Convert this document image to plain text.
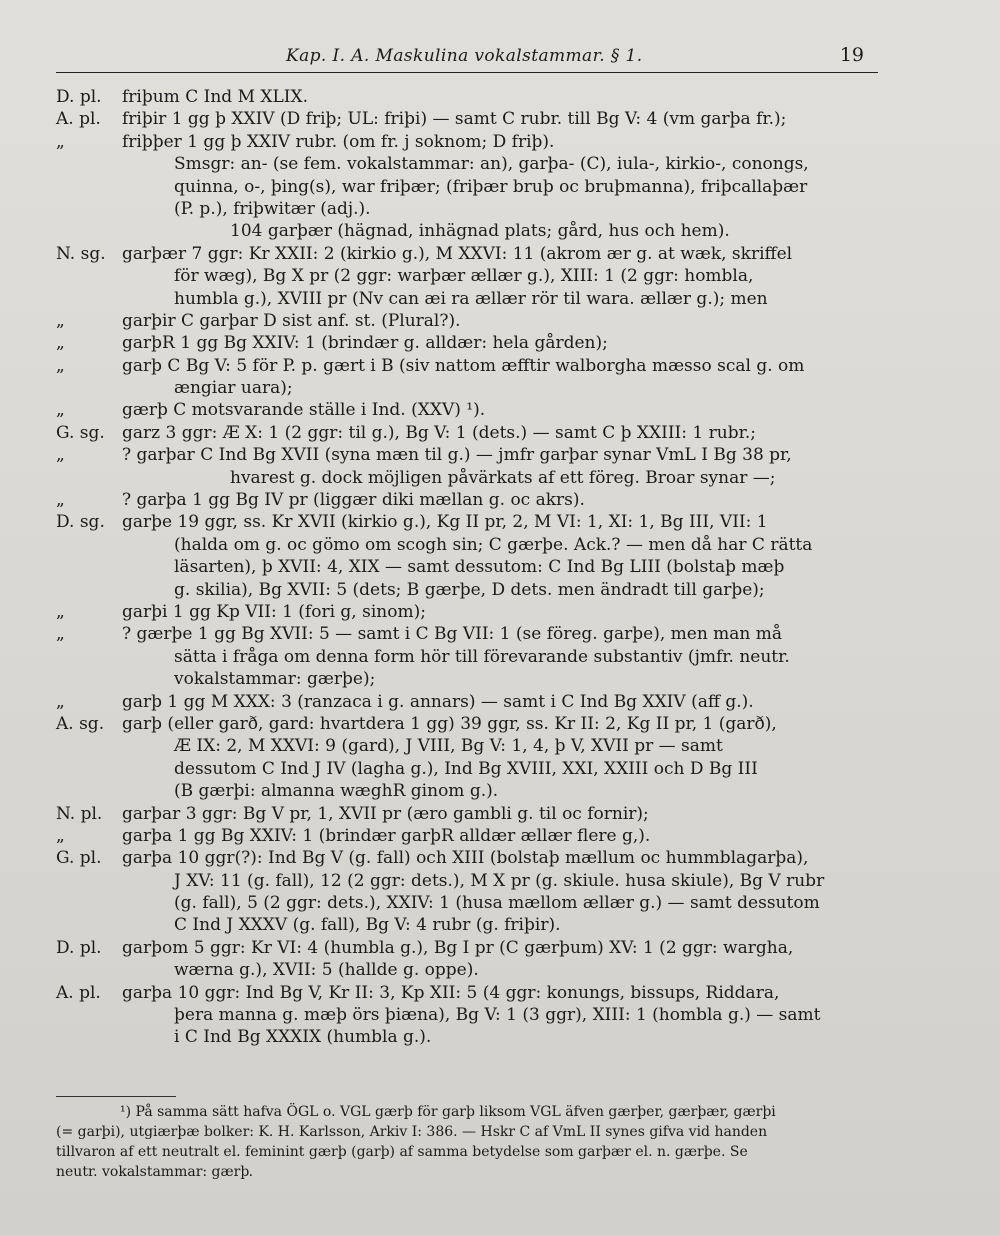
Kap. I. A. Maskulina vokalstammar. § 1.	19
D. pl. friþum C Ind M XLIX.
A. pl. friþir 1 gg þ XXIV (D friþ; UL: friþi) — samt C rubr. till Bg V: 4 (vm garþa fr.);
„	friþþer 1 gg þ XXIV rubr. (om fr. j soknom; D friþ).
Smsgr: an- (se fem. vokalstammar: an), garþa- (C), iula-, kirkio-, conongs,
quinna, o-, þing(s), war friþær; (friþær bruþ oc bruþmanna), friþcallaþær
(P. p.), friþwitær (adj.).
104 garþær (hägnad, inhägnad plats; gård, hus och hem).
N. sg. garþær 7 ggr: Kr XXII: 2 (kirkio g.), M XXVI: 11 (akrom ær g. at wæk, skriffel
för wæg), Bg X pr (2 ggr: warþær ællær g.), XIII: 1 (2 ggr: hombla,
humbla g.), XVIII pr (Nv can æi ra ællær rör til wara. ællær g.); men
„	garþir C garþar D sist anf. st. (Plural?).
„	garþR 1 gg Bg XXIV: 1 (brindær g. alldær: hela gården);
„	garþ C Bg V: 5 för P. p. gært i B (siv nattom æfftir walborgha mæsso scal g. om
ængiar uara);
„	gærþ C motsvarande ställe i Ind. (XXV) ¹).
G. sg. garz 3 ggr: Æ X: 1 (2 ggr: til g.), Bg V: 1 (dets.) — samt C þ XXIII: 1 rubr.;
„	? garþar C Ind Bg XVII (syna mæn til g.) — jmfr garþar synar VmL I Bg 38 pr,
hvarest g. dock möjligen påvärkats af ett föreg. Broar synar —;
„	? garþa 1 gg Bg IV pr (liggær diki mællan g. oc akrs).
D. sg. garþe 19 ggr, ss. Kr XVII (kirkio g.), Kg II pr, 2, M VI: 1, XI: 1, Bg III, VII: 1
(halda om g. oc gömo om scogh sin; C gærþe. Ack.? — men då har C rätta
läsarten), þ XVII: 4, XIX — samt dessutom: C Ind Bg LIII (bolstaþ mæþ
g. skilia), Bg XVII: 5 (dets; B gærþe, D dets. men ändradt till garþe);
„	garþi 1 gg Kp VII: 1 (fori g, sinom);
„	? gærþe 1 gg Bg XVII: 5 — samt i C Bg VII: 1 (se föreg. garþe), men man må
sätta i fråga om denna form hör till förevarande substantiv (jmfr. neutr.
vokalstammar: gærþe);
„	garþ 1 gg M XXX: 3 (ranzaca i g. annars) — samt i C Ind Bg XXIV (aff g.).
A. sg. garþ (eller garð, gard: hvartdera 1 gg) 39 ggr, ss. Kr II: 2, Kg II pr, 1 (garð),
Æ IX: 2, M XXVI: 9 (gard), J VIII, Bg V: 1, 4, þ V, XVII pr — samt
dessutom C Ind J IV (lagha g.), Ind Bg XVIII, XXI, XXIII och D Bg III
(B gærþi: almanna wæghR ginom g.).
N. pl. garþar 3 ggr: Bg V pr, 1, XVII pr (æro gambli g. til oc fornir);
„	garþa 1 gg Bg XXIV: 1 (brindær garþR alldær ællær flere g,).
G. pl. garþa 10 ggr(?): Ind Bg V (g. fall) och XIII (bolstaþ mællum oc hummblagarþa),
J XV: 11 (g. fall), 12 (2 ggr: dets.), M X pr (g. skiule. husa skiule), Bg V rubr
(g. fall), 5 (2 ggr: dets.), XXIV: 1 (husa mællom ællær g.) — samt dessutom
C Ind J XXXV (g. fall), Bg V: 4 rubr (g. friþir).
D. pl. garþom 5 ggr: Kr VI: 4 (humbla g.), Bg I pr (C gærþum) XV: 1 (2 ggr: wargha,
wærna g.), XVII: 5 (hallde g. oppe).
A. pl. garþa 10 ggr: Ind Bg V, Kr II: 3, Kp XII: 5 (4 ggr: konungs, bissups, Riddara,
þera manna g. mæþ örs þiæna), Bg V: 1 (3 ggr), XIII: 1 (hombla g.) — samt
i C Ind Bg XXXIX (humbla g.).
¹) På samma sätt hafva ÖGL o. VGL gærþ för garþ liksom VGL äfven gærþer, gærþær, gærþi
(= garþi), utgiærþæ bolker: K. H. Karlsson, Arkiv I: 386. — Hskr C af VmL II synes gifva vid handen
tillvaron af ett neutralt el. feminint gærþ (garþ) af samma betydelse som garþær el. n. gærþe. Se
neutr. vokalstammar: gærþ.
